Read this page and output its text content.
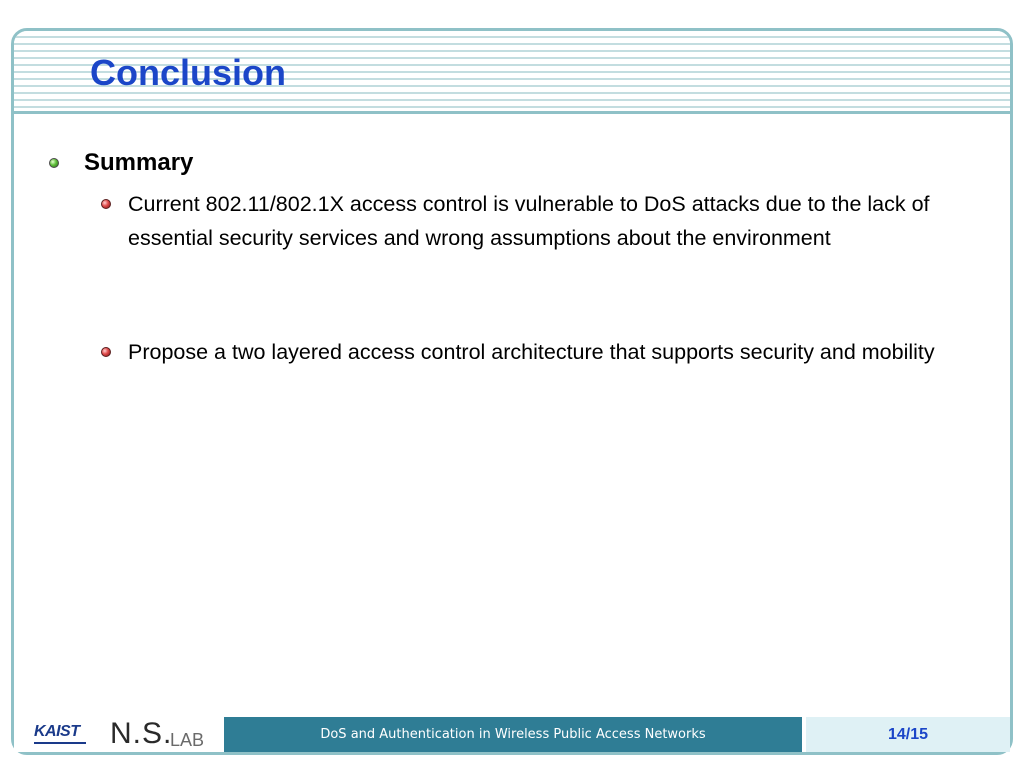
Conclusion
Summary
Current 802.11/802.1X access control is vulnerable to DoS attacks due to the lack of essential security services and wrong assumptions about the environment
Propose a two layered access control architecture that supports security and mobility
KAIST N.S.
LAB	DoS and Authentication in Wireless Public Access Networks	14/15
